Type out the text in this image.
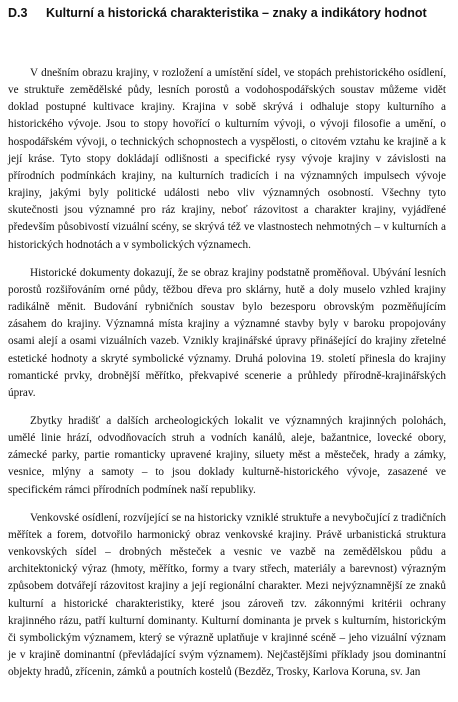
D.3	Kulturní a historická charakteristika – znaky a indikátory hodnot

V dnešním obrazu krajiny, v rozložení a umístění sídel, ve stopách prehistorického osídlení, ve struktuře zemědělské půdy, lesních porostů a vodohospodářských soustav můžeme vidět doklad postupné kultivace krajiny. Krajina v sobě skrývá i odhaluje stopy kulturního a historického vývoje. Jsou to stopy hovořící o kulturním vývoji, o vývoji filosofie a umění, o hospodářském vývoji, o technických schopnostech a vyspělosti, o citovém vztahu ke krajině a k její kráse. Tyto stopy dokládají odlišnosti a specifické rysy vývoje krajiny v závislosti na přírodních podmínkách krajiny, na kulturních tradicích i na významných impulsech vývoje krajiny, jakými byly politické události nebo vliv významných osobností. Všechny tyto skutečnosti jsou významné pro ráz krajiny, neboť rázovitost a charakter krajiny, vyjádřené především působivostí vizuální scény, se skrývá též ve vlastnostech nehmotných – v kulturních a historických hodnotách a v symbolických významech.

Historické dokumenty dokazují, že se obraz krajiny podstatně proměňoval. Ubývání lesních porostů rozšiřováním orné půdy, těžbou dřeva pro sklárny, hutě a doly muselo vzhled krajiny radikálně měnit. Budování rybničních soustav bylo bezesporu obrovským pozměňujícím zásahem do krajiny. Významná místa krajiny a významné stavby byly v baroku propojovány osami alejí a osami vizuálních vazeb. Vznikly krajinářské úpravy přinášející do krajiny zřetelné estetické hodnoty a skryté symbolické významy. Druhá polovina 19. století přinesla do krajiny romantické prvky, drobnější měřítko, překvapivé scenerie a průhledy přírodně-krajinářských úprav.

Zbytky hradišť a dalších archeologických lokalit ve významných krajinných polohách, umělé linie hrází, odvodňovacích struh a vodních kanálů, aleje, bažantnice, lovecké obory, zámecké parky, partie romanticky upravené krajiny, siluety měst a městeček, hrady a zámky, vesnice, mlýny a samoty – to jsou doklady kulturně-historického vývoje, zasazené ve specifickém rámci přírodních podmínek naší republiky.

Venkovské osídlení, rozvíjející se na historicky vzniklé struktuře a nevybočující z tradičních měřítek a forem, dotvořilo harmonický obraz venkovské krajiny. Právě urbanistická struktura venkovských sídel – drobných městeček a vesnic ve vazbě na zemědělskou půdu a architektonický výraz (hmoty, měřítko, formy a tvary střech, materiály a barevnost) výrazným způsobem dotvářejí rázovitost krajiny a její regionální charakter. Mezi nejvýznamnější ze znaků kulturní a historické charakteristiky, které jsou zároveň tzv. zákonnými kritérii ochrany krajinného rázu, patří kulturní dominanty. Kulturní dominanta je prvek s kulturním, historickým či symbolickým významem, který se výrazně uplatňuje v krajinné scéně – jeho vizuální význam je v krajině dominantní (převládající svým významem). Nejčastějšími příklady jsou dominantní objekty hradů, zřícenin, zámků a poutních kostelů (Bezděz, Trosky, Karlova Koruna, sv. Jan
